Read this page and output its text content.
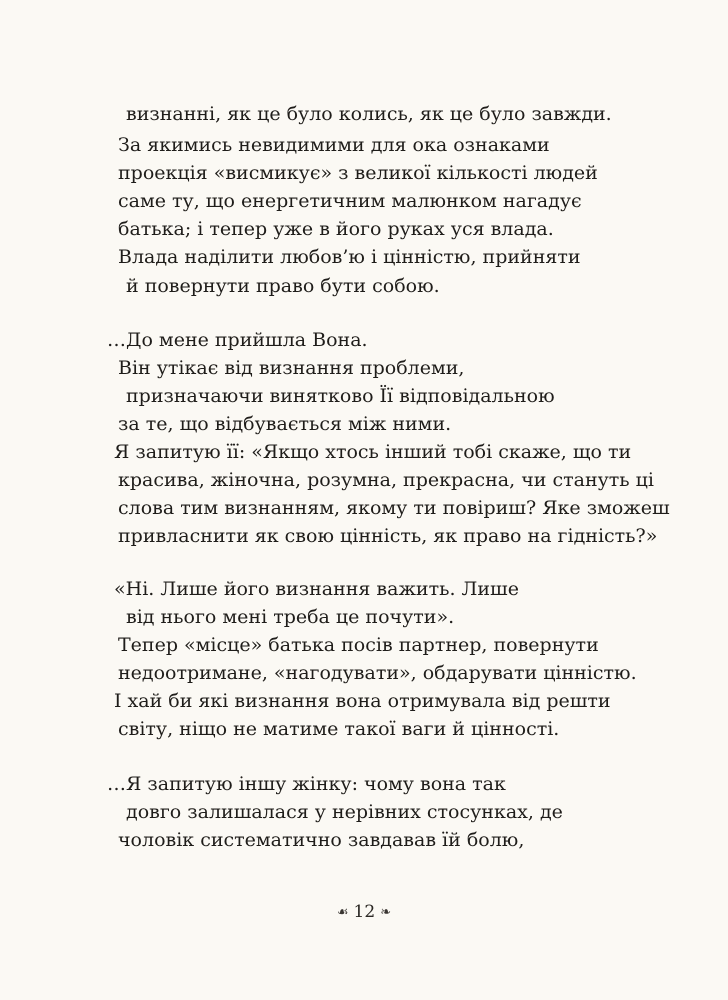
визнанні, як це було колись, як це було завжди.
За якимись невидимими для ока ознаками
проекція «висмикує» з великої кількості людей
саме ту, що енергетичним малюнком нагадує
батька; і тепер уже в його руках уся влада.
Влада наділити любов’ю і цінністю, прийняти
й повернути право бути собою.
…До мене прийшла Вона.
Він утікає від визнання проблеми,
призначаючи винятково Її відповідальною
за те, що відбувається між ними.
Я запитую її: «Якщо хтось інший тобі скаже, що ти
красива, жіночна, розумна, прекрасна, чи стануть ці
слова тим визнанням, якому ти повіриш? Яке зможеш
привласнити як свою цінність, як право на гідність?»
«Ні. Лише його визнання важить. Лише
від нього мені треба це почути».
Тепер «місце» батька посів партнер, повернути
недоотримане, «нагодувати», обдарувати цінністю.
І хай би які визнання вона отримувала від решти
світу, ніщо не матиме такої ваги й цінності.
…Я запитую іншу жінку: чому вона так
довго залишалася у нерівних стосунках, де
чоловік систематично завдавав їй болю,
☙ 12 ❧
